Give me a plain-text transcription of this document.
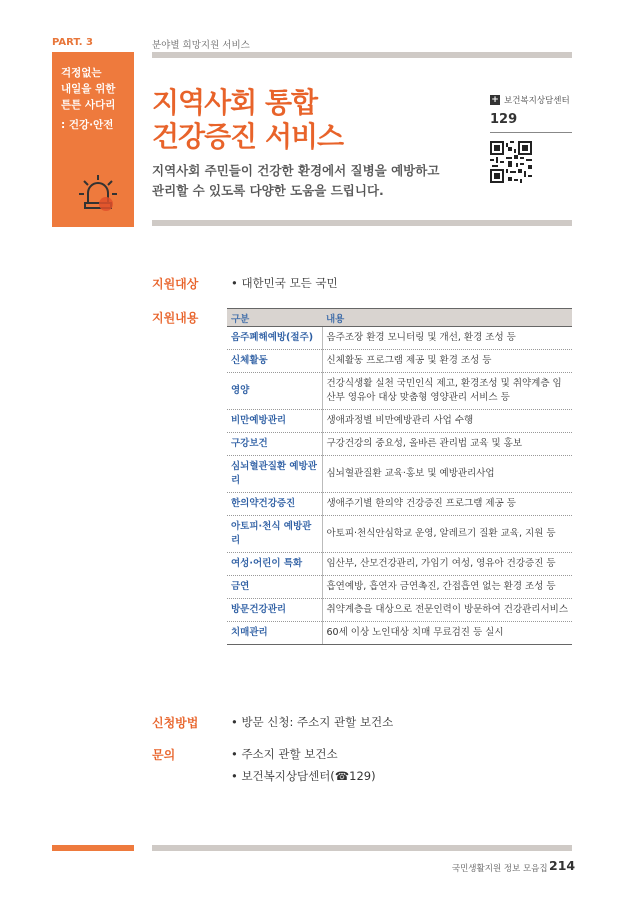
PART. 3	분야별 희망지원 서비스
걱정없는
내일을 위한
튼튼 사다리
: 건강·안전
지역사회 통합
건강증진 서비스
지역사회 주민들이 건강한 환경에서 질병을 예방하고
관리할 수 있도록 다양한 도움을 드립니다.
+ 보건복지상담센터
129
지원대상	• 대한민국 모든 국민
지원내용	구분	내용
음주폐해예방(절주)	음주조장 환경 모니터링 및 개선, 환경 조성 등
신체활동	신체활동 프로그램 제공 및 환경 조성 등
영양	건강식생활 실천 국민인식 제고, 환경조성 및 취약계층 임산부 영유아 대상 맞춤형 영양관리 서비스 등
비만예방관리	생애과정별 비만예방관리 사업 수행
구강보건	구강건강의 중요성, 올바른 관리법 교육 및 홍보
심뇌혈관질환 예방관리	심뇌혈관질환 교육·홍보 및 예방관리사업
한의약건강증진	생애주기별 한의약 건강증진 프로그램 제공 등
아토피·천식 예방관리	아토피·천식안심학교 운영, 알레르기 질환 교육, 지원 등
여성·어린이 특화	임산부, 산모건강관리, 가임기 여성, 영유아 건강증진 등
금연	흡연예방, 흡연자 금연촉진, 간접흡연 없는 환경 조성 등
방문건강관리	취약계층을 대상으로 전문인력이 방문하여 건강관리서비스
치매관리	60세 이상 노인대상 치매 무료검진 등 실시
신청방법	• 방문 신청: 주소지 관할 보건소
문의	• 주소지 관할 보건소
• 보건복지상담센터(☎129)
국민생활지원 정보 모음집 ·
214
